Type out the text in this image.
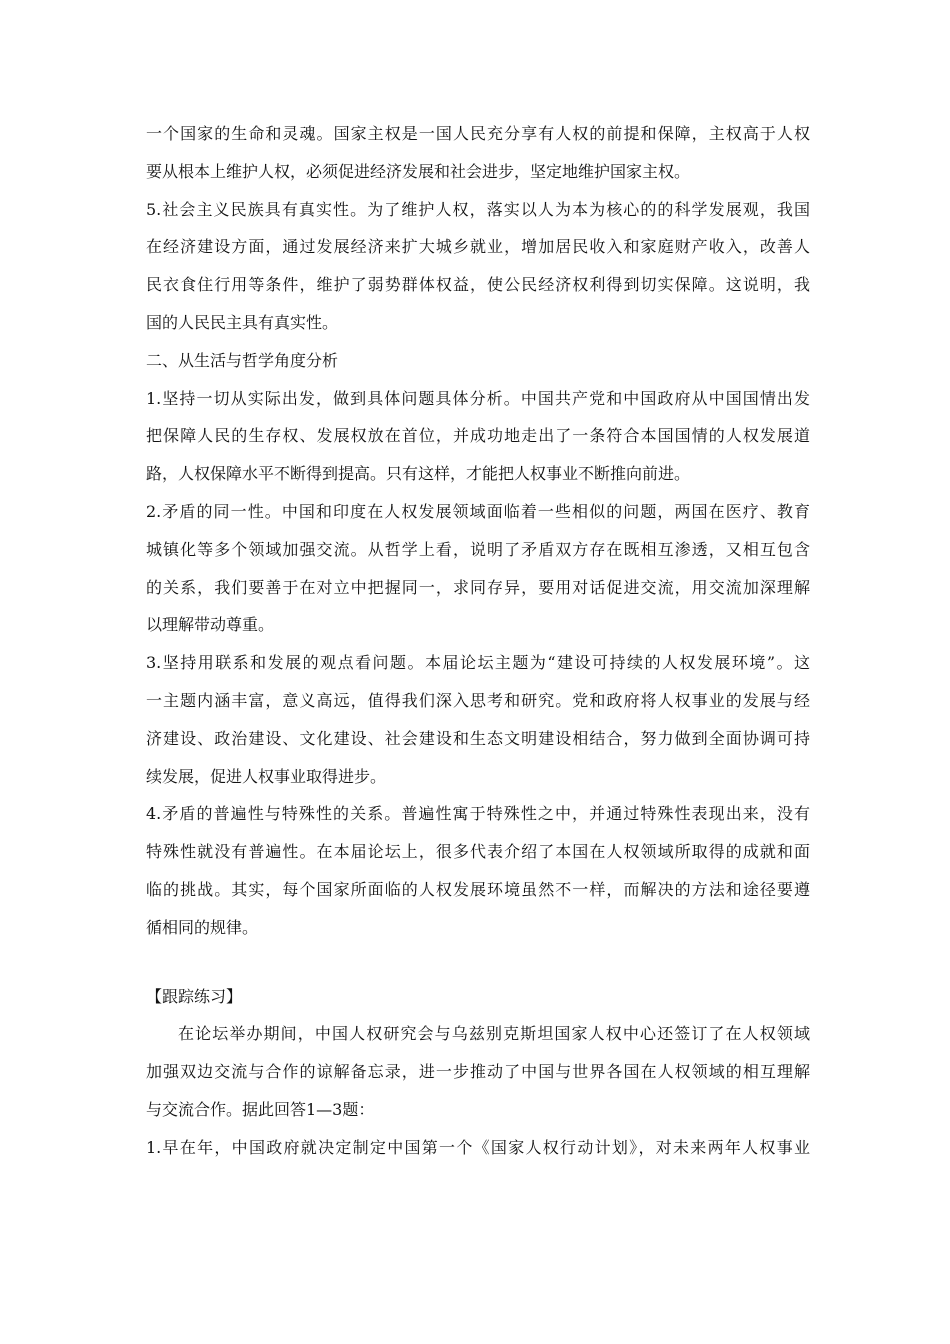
一个国家的生命和灵魂。国家主权是一国人民充分享有人权的前提和保障，主权高于人权
要从根本上维护人权，必须促进经济发展和社会进步，坚定地维护国家主权。
5.社会主义民族具有真实性。为了维护人权，落实以人为本为核心的的科学发展观，我国
在经济建设方面，通过发展经济来扩大城乡就业，增加居民收入和家庭财产收入，改善人
民衣食住行用等条件，维护了弱势群体权益，使公民经济权利得到切实保障。这说明，我
国的人民民主具有真实性。
二、从生活与哲学角度分析
1.坚持一切从实际出发，做到具体问题具体分析。中国共产党和中国政府从中国国情出发
把保障人民的生存权、发展权放在首位，并成功地走出了一条符合本国国情的人权发展道
路，人权保障水平不断得到提高。只有这样，才能把人权事业不断推向前进。
2.矛盾的同一性。中国和印度在人权发展领域面临着一些相似的问题，两国在医疗、教育
城镇化等多个领域加强交流。从哲学上看，说明了矛盾双方存在既相互渗透，又相互包含
的关系，我们要善于在对立中把握同一，求同存异，要用对话促进交流，用交流加深理解
以理解带动尊重。
3.坚持用联系和发展的观点看问题。本届论坛主题为“建设可持续的人权发展环境”。这
一主题内涵丰富，意义高远，值得我们深入思考和研究。党和政府将人权事业的发展与经
济建设、政治建设、文化建设、社会建设和生态文明建设相结合，努力做到全面协调可持
续发展，促进人权事业取得进步。
4.矛盾的普遍性与特殊性的关系。普遍性寓于特殊性之中，并通过特殊性表现出来，没有
特殊性就没有普遍性。在本届论坛上，很多代表介绍了本国在人权领域所取得的成就和面
临的挑战。其实，每个国家所面临的人权发展环境虽然不一样，而解决的方法和途径要遵
循相同的规律。
【跟踪练习】
在论坛举办期间，中国人权研究会与乌兹别克斯坦国家人权中心还签订了在人权领域
加强双边交流与合作的谅解备忘录，进一步推动了中国与世界各国在人权领域的相互理解
与交流合作。据此回答1—3题：
1.早在年，中国政府就决定制定中国第一个《国家人权行动计划》，对未来两年人权事业
